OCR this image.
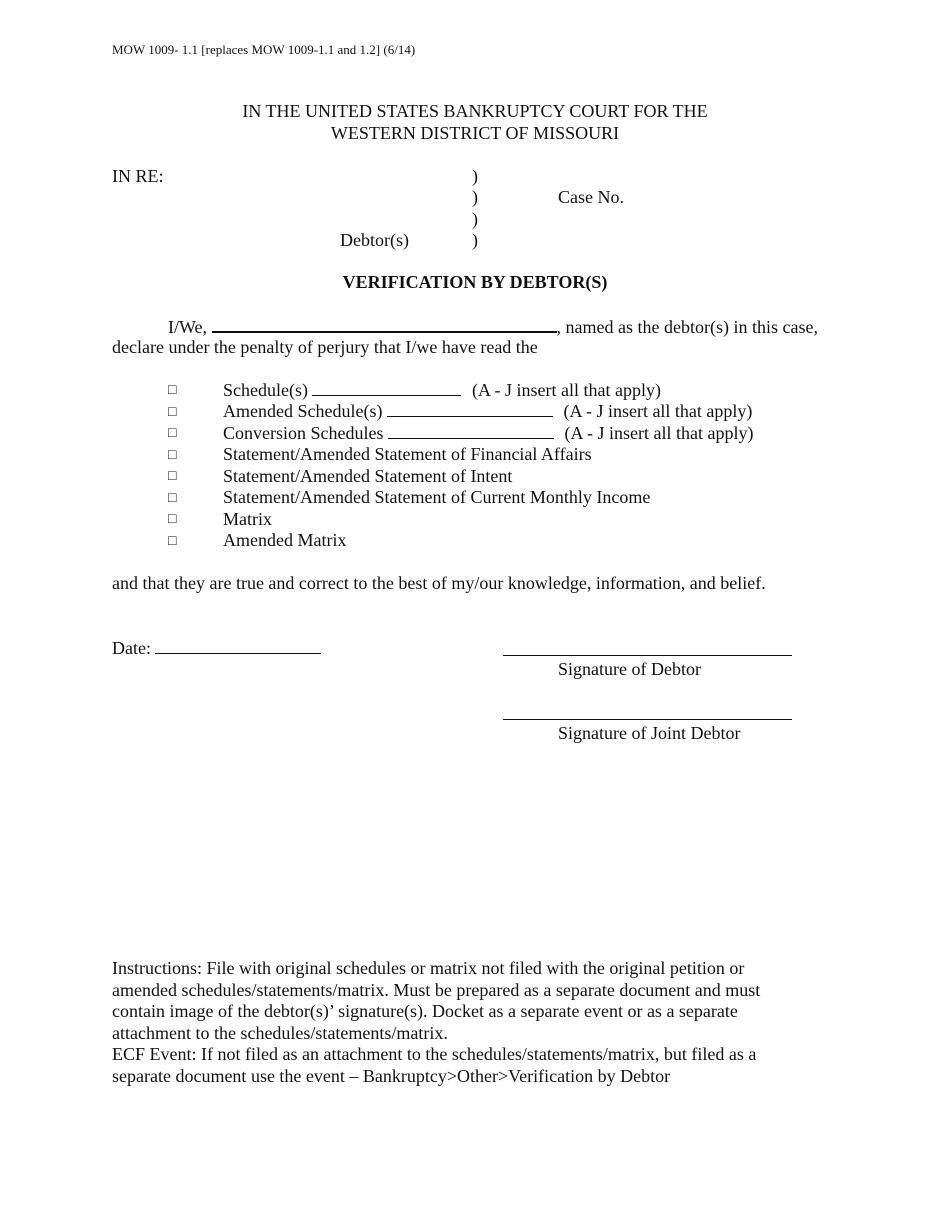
MOW 1009- 1.1 [replaces MOW 1009-1.1 and 1.2] (6/14)
IN THE UNITED STATES BANKRUPTCY COURT FOR THE
WESTERN DISTRICT OF MISSOURI
IN RE:	)
)
)
)
Case No.
Debtor(s)
VERIFICATION BY DEBTOR(S)
I/We,	, named as the debtor(s) in this case,
declare under the penalty of perjury that I/we have read the
□	Schedule(s)	(A - J insert all that apply)
□	Amended Schedule(s)	(A - J insert all that apply)
□	Conversion Schedules	(A - J insert all that apply)
□	Statement/Amended Statement of Financial Affairs
□	Statement/Amended Statement of Intent
□	Statement/Amended Statement of Current Monthly Income
□	Matrix
□	Amended Matrix
and that they are true and correct to the best of my/our knowledge, information, and belief.
Date:
Signature of Debtor
Signature of Joint Debtor
Instructions: File with original schedules or matrix not filed with the original petition or amended schedules/statements/matrix. Must be prepared as a separate document and must contain image of the debtor(s)’ signature(s). Docket as a separate event or as a separate attachment to the schedules/statements/matrix.
ECF Event: If not filed as an attachment to the schedules/statements/matrix, but filed as a separate document use the event – Bankruptcy>Other>Verification by Debtor
